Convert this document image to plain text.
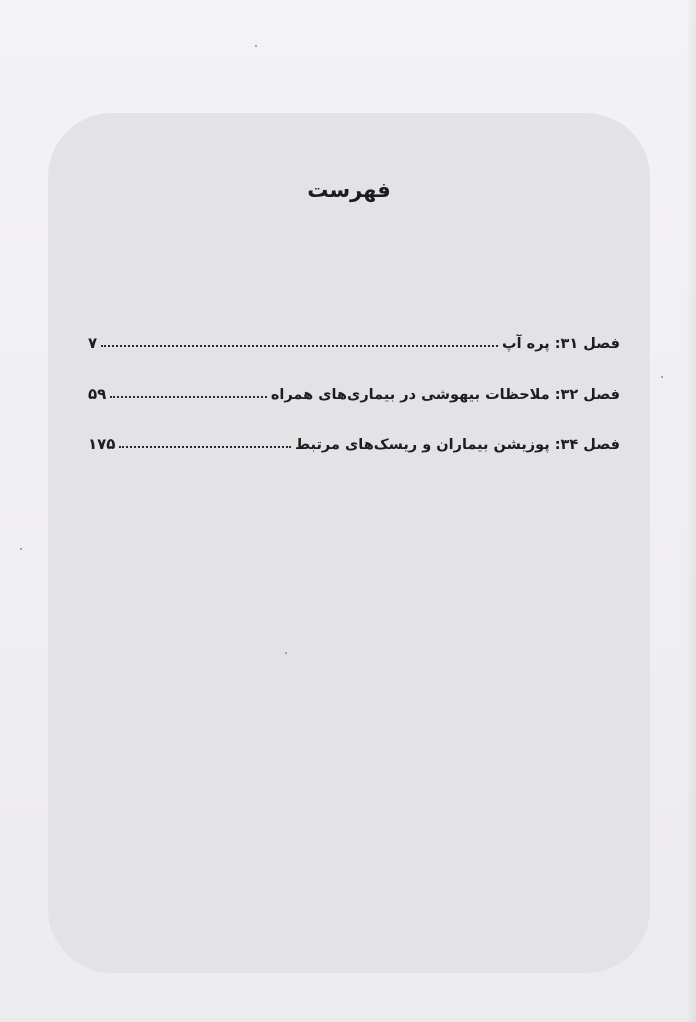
فهرست
فصل ۳۱: پره آپ
۷
فصل ۳۲: ملاحظات بیهوشی در بیماری‌های همراه
۵۹
فصل ۳۴: پوزیشن بیماران و ریسک‌های مرتبط
۱۷۵
